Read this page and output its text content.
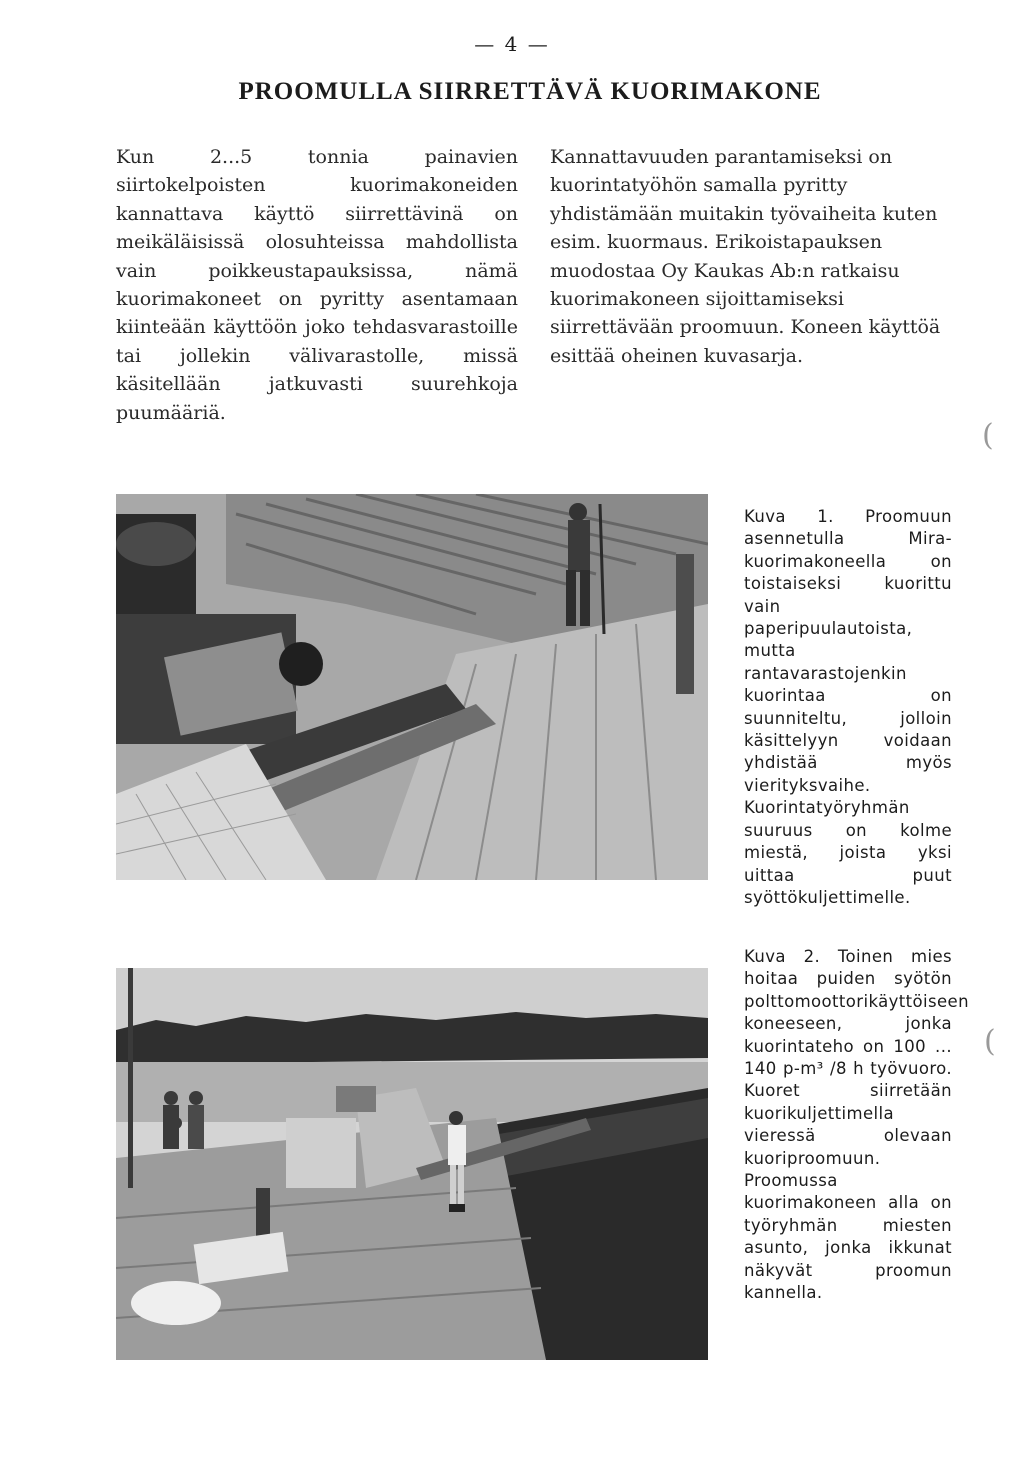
— 4 —
PROOMULLA SIIRRETTÄVÄ KUORIMAKONE

Kun 2...5 tonnia painavien siirtokelpoisten kuorimakoneiden kannattava käyttö siirrettävinä on meikäläisissä olosuhteissa mahdollista vain poikkeustapauksissa, nämä kuorimakoneet on pyritty asentamaan kiinteään käyttöön joko tehdasvarastoille tai jollekin välivarastolle, missä käsitellään jatkuvasti suurehkoja puumääriä.

Kannattavuuden parantamiseksi on kuorintatyöhön samalla pyritty yhdistämään muitakin työvaiheita kuten esim. kuormaus. Erikoistapauksen muodostaa Oy Kaukas Ab:n ratkaisu kuorimakoneen sijoittamiseksi siirrettävään proomuun. Koneen käyttöä esittää oheinen kuvasarja.

(
(

Kuva 1. Proomuun asennetulla Mira-kuorimakoneella on toistaiseksi kuorittu vain paperipuulautoista, mutta rantavarastojenkin kuorintaa on suunniteltu, jolloin käsittelyyn voidaan yhdistää myös vierityksvaihe. Kuorintatyöryhmän suuruus on kolme miestä, joista yksi uittaa puut syöttökuljettimelle.

Kuva 2. Toinen mies hoitaa puiden syötön polttomoottorikäyttöiseen koneeseen, jonka kuorintateho on 100 ... 140 p-m³ /8 h työvuoro. Kuoret siirretään kuorikuljettimella vieressä olevaan kuoriproomuun. Proomussa kuorimakoneen alla on työryhmän miesten asunto, jonka ikkunat näkyvät proomun kannella.
